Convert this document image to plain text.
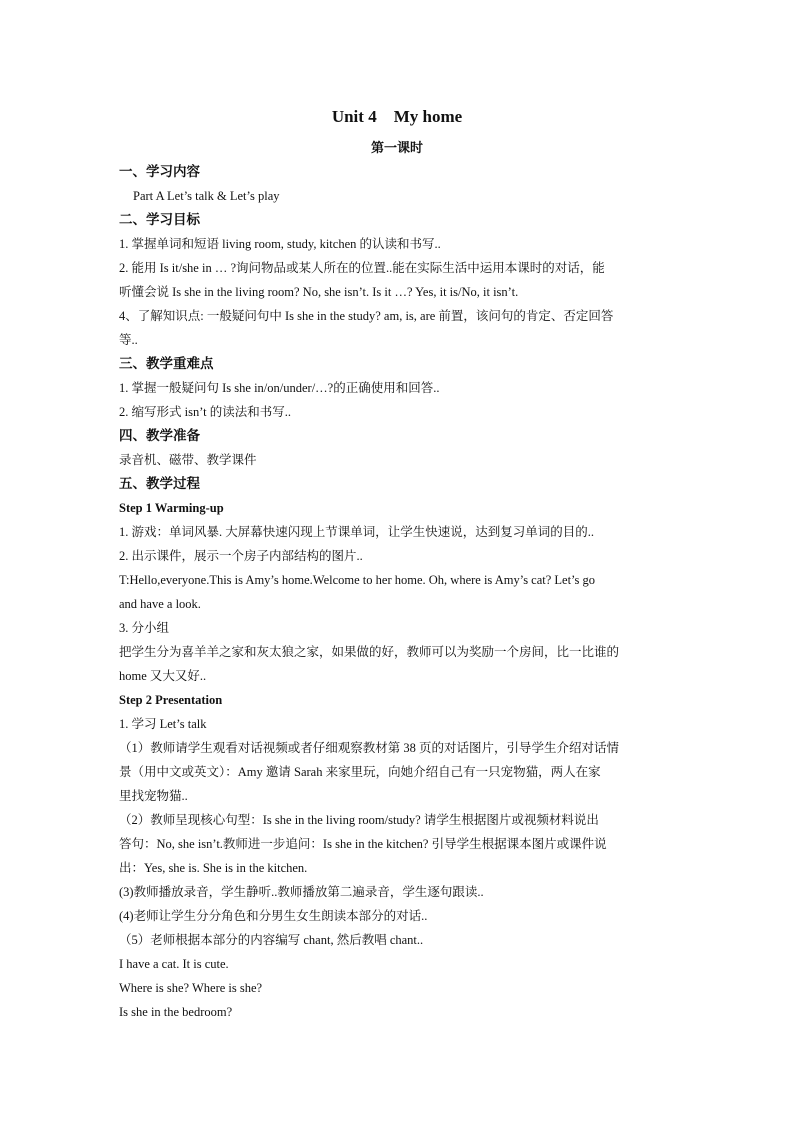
Unit 4    My home
第一课时

一、学习内容

Part A Let’s talk & Let’s play

二、学习目标

1. 掌握单词和短语 living room, study, kitchen 的认读和书写..

2. 能用 Is it/she in … ?询问物品或某人所在的位置..能在实际生活中运用本课时的对话，能

听懂会说 Is she in the living room? No, she isn’t. Is it …? Yes, it is/No, it isn’t.

4、了解知识点: 一般疑问句中 Is she in the study? am, is, are 前置，该问句的肯定、否定回答

等..

三、教学重难点

1. 掌握一般疑问句 Is she in/on/under/…?的正确使用和回答..

2. 缩写形式 isn’t 的读法和书写..

四、教学准备

录音机、磁带、教学课件

五、教学过程

Step 1 Warming-up

1. 游戏：单词风暴. 大屏幕快速闪现上节课单词，让学生快速说，达到复习单词的目的..

2. 出示课件，展示一个房子内部结构的图片..

T:Hello,everyone.This is Amy’s home.Welcome to her home. Oh, where is Amy’s cat? Let’s go

and have a look.

3. 分小组

把学生分为喜羊羊之家和灰太狼之家，如果做的好，教师可以为奖励一个房间，比一比谁的

home 又大又好..

Step 2 Presentation

1. 学习 Let’s talk

（1）教师请学生观看对话视频或者仔细观察教材第 38 页的对话图片，引导学生介绍对话情

景（用中文或英文）：Amy 邀请 Sarah 来家里玩，向她介绍自己有一只宠物猫，两人在家

里找宠物猫..

（2）教师呈现核心句型：Is she in the living room/study? 请学生根据图片或视频材料说出

答句：No, she isn’t.教师进一步追问：Is she in the kitchen? 引导学生根据课本图片或课件说

出：Yes, she is. She is in the kitchen.

(3)教师播放录音，学生静听..教师播放第二遍录音，学生逐句跟读..

(4)老师让学生分分角色和分男生女生朗读本部分的对话..

（5）老师根据本部分的内容编写 chant, 然后教唱 chant..

I have a cat. It is cute.

Where is she? Where is she?

Is she in the bedroom?
